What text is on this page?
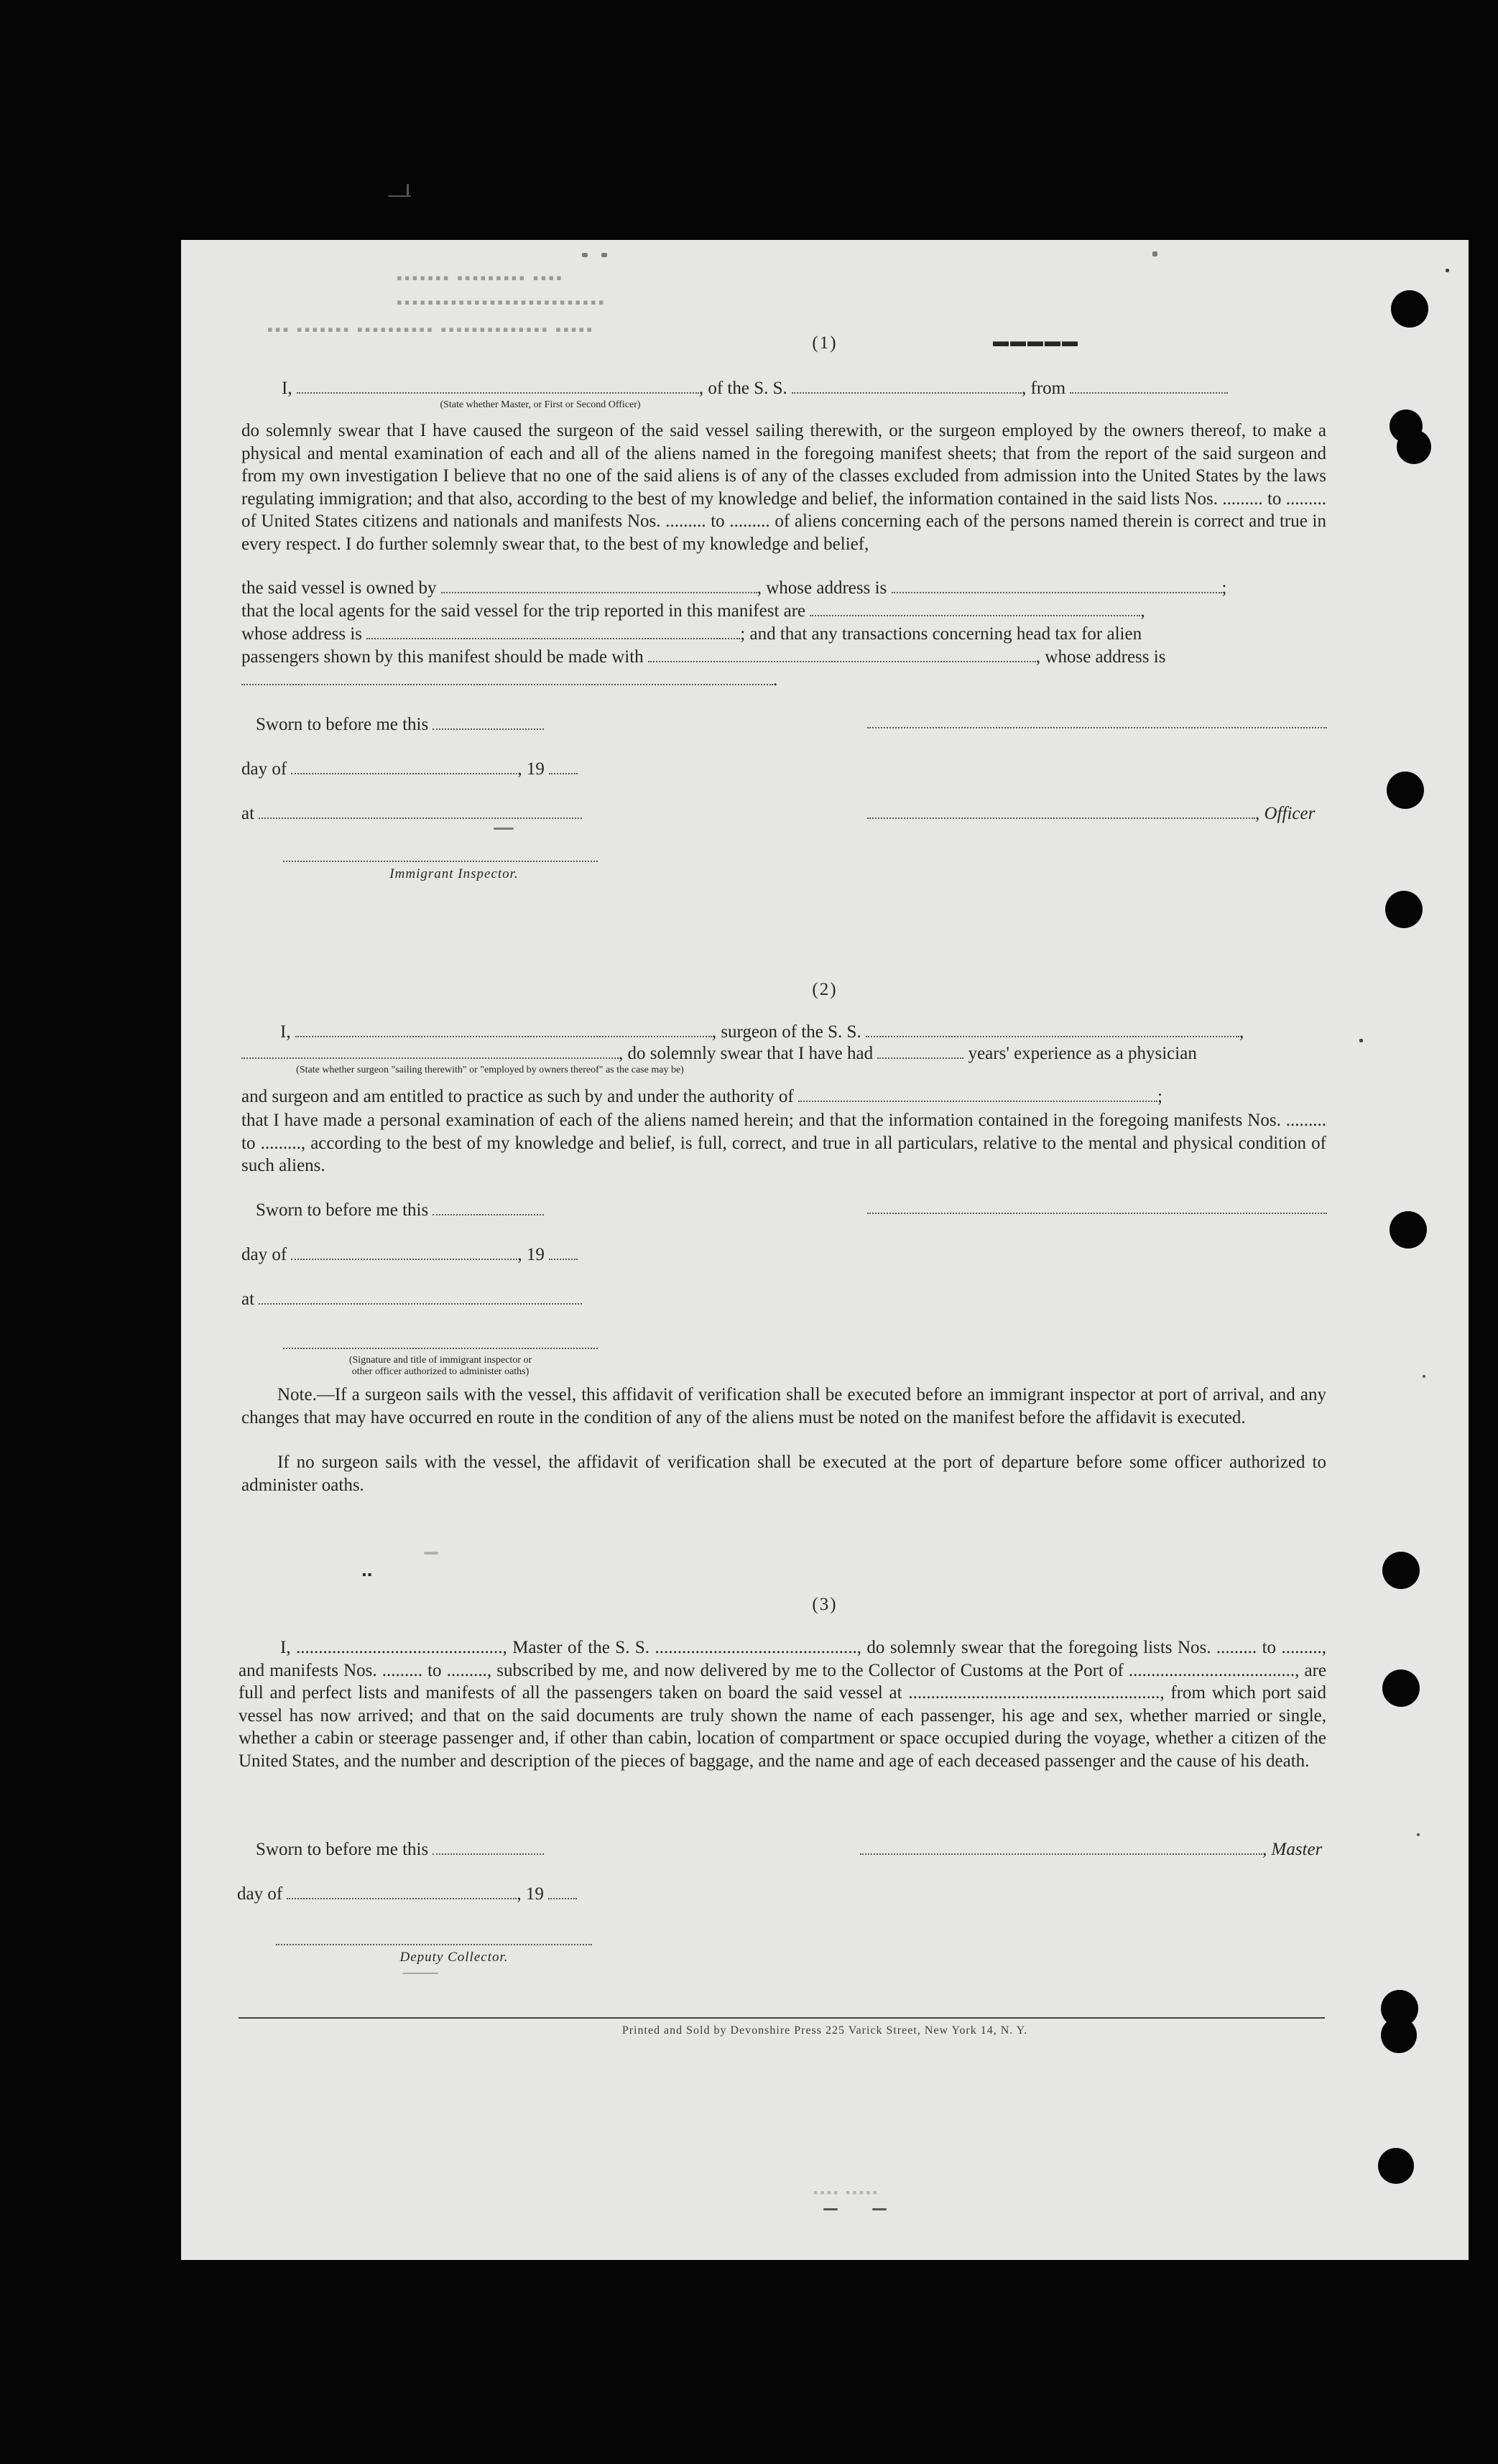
▪▪▪▪▪▪▪ ▪▪▪▪▪▪▪▪▪ ▪▪▪▪
▪▪▪▪▪▪▪▪▪▪▪▪▪▪▪▪▪▪▪▪▪▪▪▪▪▪▪
▪▪▪ ▪▪▪▪▪▪▪ ▪▪▪▪▪▪▪▪▪▪ ▪▪▪▪▪▪▪▪▪▪▪▪▪▪ ▪▪▪▪▪
▬▬▬▬▬
(1)
I,	, of the S. S.	, from
(State whether Master, or First or Second Officer)
do solemnly swear that I have caused the surgeon of the said vessel sailing therewith, or the surgeon employed by the owners thereof, to make a physical and mental examination of each and all of the aliens named in the foregoing manifest sheets; that from the report of the said surgeon and from my own investigation I believe that no one of the said aliens is of any of the classes excluded from admission into the United States by the laws regulating immigration; and that also, according to the best of my knowledge and belief, the information contained in the said lists Nos. ......... to ......... of United States citizens and nationals and manifests Nos. ......... to ......... of aliens concerning each of the persons named therein is correct and true in every respect. I do further solemnly swear that, to the best of my knowledge and belief,
the said vessel is owned by	, whose address is	;
that the local agents for the said vessel for the trip reported in this manifest are	,
whose address is	; and that any transactions concerning head tax for alien
passengers shown by this manifest should be made with	, whose address is
.
Sworn to before me this
day of	, 19
at	, Officer
Immigrant Inspector.
(2)
I,	, surgeon of the S. S.	,
, do solemnly swear that I have had	years' experience as a physician
(State whether surgeon "sailing therewith" or "employed by owners thereof" as the case may be)
and surgeon and am entitled to practice as such by and under the authority of	;
that I have made a personal examination of each of the aliens named herein; and that the information contained in the foregoing manifests Nos. ......... to ........., according to the best of my knowledge and belief, is full, correct, and true in all particulars, relative to the mental and physical condition of such aliens.
Sworn to before me this
day of	, 19
at
(Signature and title of immigrant inspector or
other officer authorized to administer oaths)
Note.—If a surgeon sails with the vessel, this affidavit of verification shall be executed before an immigrant inspector at port of arrival, and any changes that may have occurred en route in the condition of any of the aliens must be noted on the manifest before the affidavit is executed.
If no surgeon sails with the vessel, the affidavit of verification shall be executed at the port of departure before some officer authorized to administer oaths.
▪▪
(3)
I, .............................................., Master of the S. S. ............................................., do solemnly swear that the foregoing lists Nos. ......... to ........., and manifests Nos. ......... to ........., subscribed by me, and now delivered by me to the Collector of Customs at the Port of ....................................., are full and perfect lists and manifests of all the passengers taken on board the said vessel at ........................................................, from which port said vessel has now arrived; and that on the said documents are truly shown the name of each passenger, his age and sex, whether married or single, whether a cabin or steerage passenger and, if other than cabin, location of compartment or space occupied during the voyage, whether a citizen of the United States, and the number and description of the pieces of baggage, and the name and age of each deceased passenger and the cause of his death.
Sworn to before me this	, Master
day of	, 19
Deputy Collector.
Printed and Sold by Devonshire Press 225 Varick Street, New York 14, N. Y.
▪▪▪▪ ▪▪▪▪▪
